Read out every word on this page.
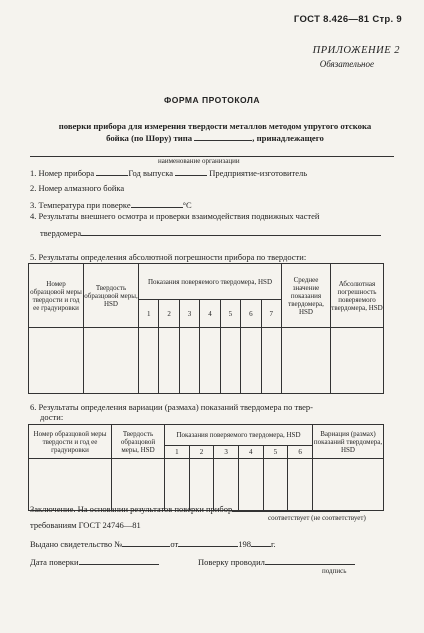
ГОСТ 8.426—81 Стр. 9
ПРИЛОЖЕНИЕ 2
Обязательное
ФОРМА ПРОТОКОЛА
поверки прибора для измерения твердости металлов методом упругого отскока
бойка (по Шору) типа	, принадлежащего
наименование организации
1. Номер прибора	Год выпуска	Предприятие-изготовитель
2. Номер алмазного бойка
3. Температура при поверке	°C
4. Результаты внешнего осмотра и проверки взаимодействия подвижных частей
твердомера
5. Результаты определения абсолютной погрешности прибора по твердости:
Номер образцовой меры твердости и год ее градуировки	Твердость образцовой меры, HSD	Показания поверяемого твердомера, HSD							Среднее значение показания твердомера, HSD	Абсолютная погрешность поверяемого твердомера, HSD
		1	2	3	4	5	6	7		

6. Результаты определения вариации (размаха) показаний твердомера по твер-
дости:
Номер образцовой меры твердости и год ее градуировки	Твердость образцовой меры, HSD	Показания поверяемого твердомера, HSD						Вариация (размах) показаний твердомера, HSD
		1	2	3	4	5	6	

Заключение. На основании результатов поверки прибор
соответствует (не соответствует)
требованиям ГОСТ 24746—81
Выдано свидетельство №	от	198 г.
Дата поверки	Поверку проводил
подпись
